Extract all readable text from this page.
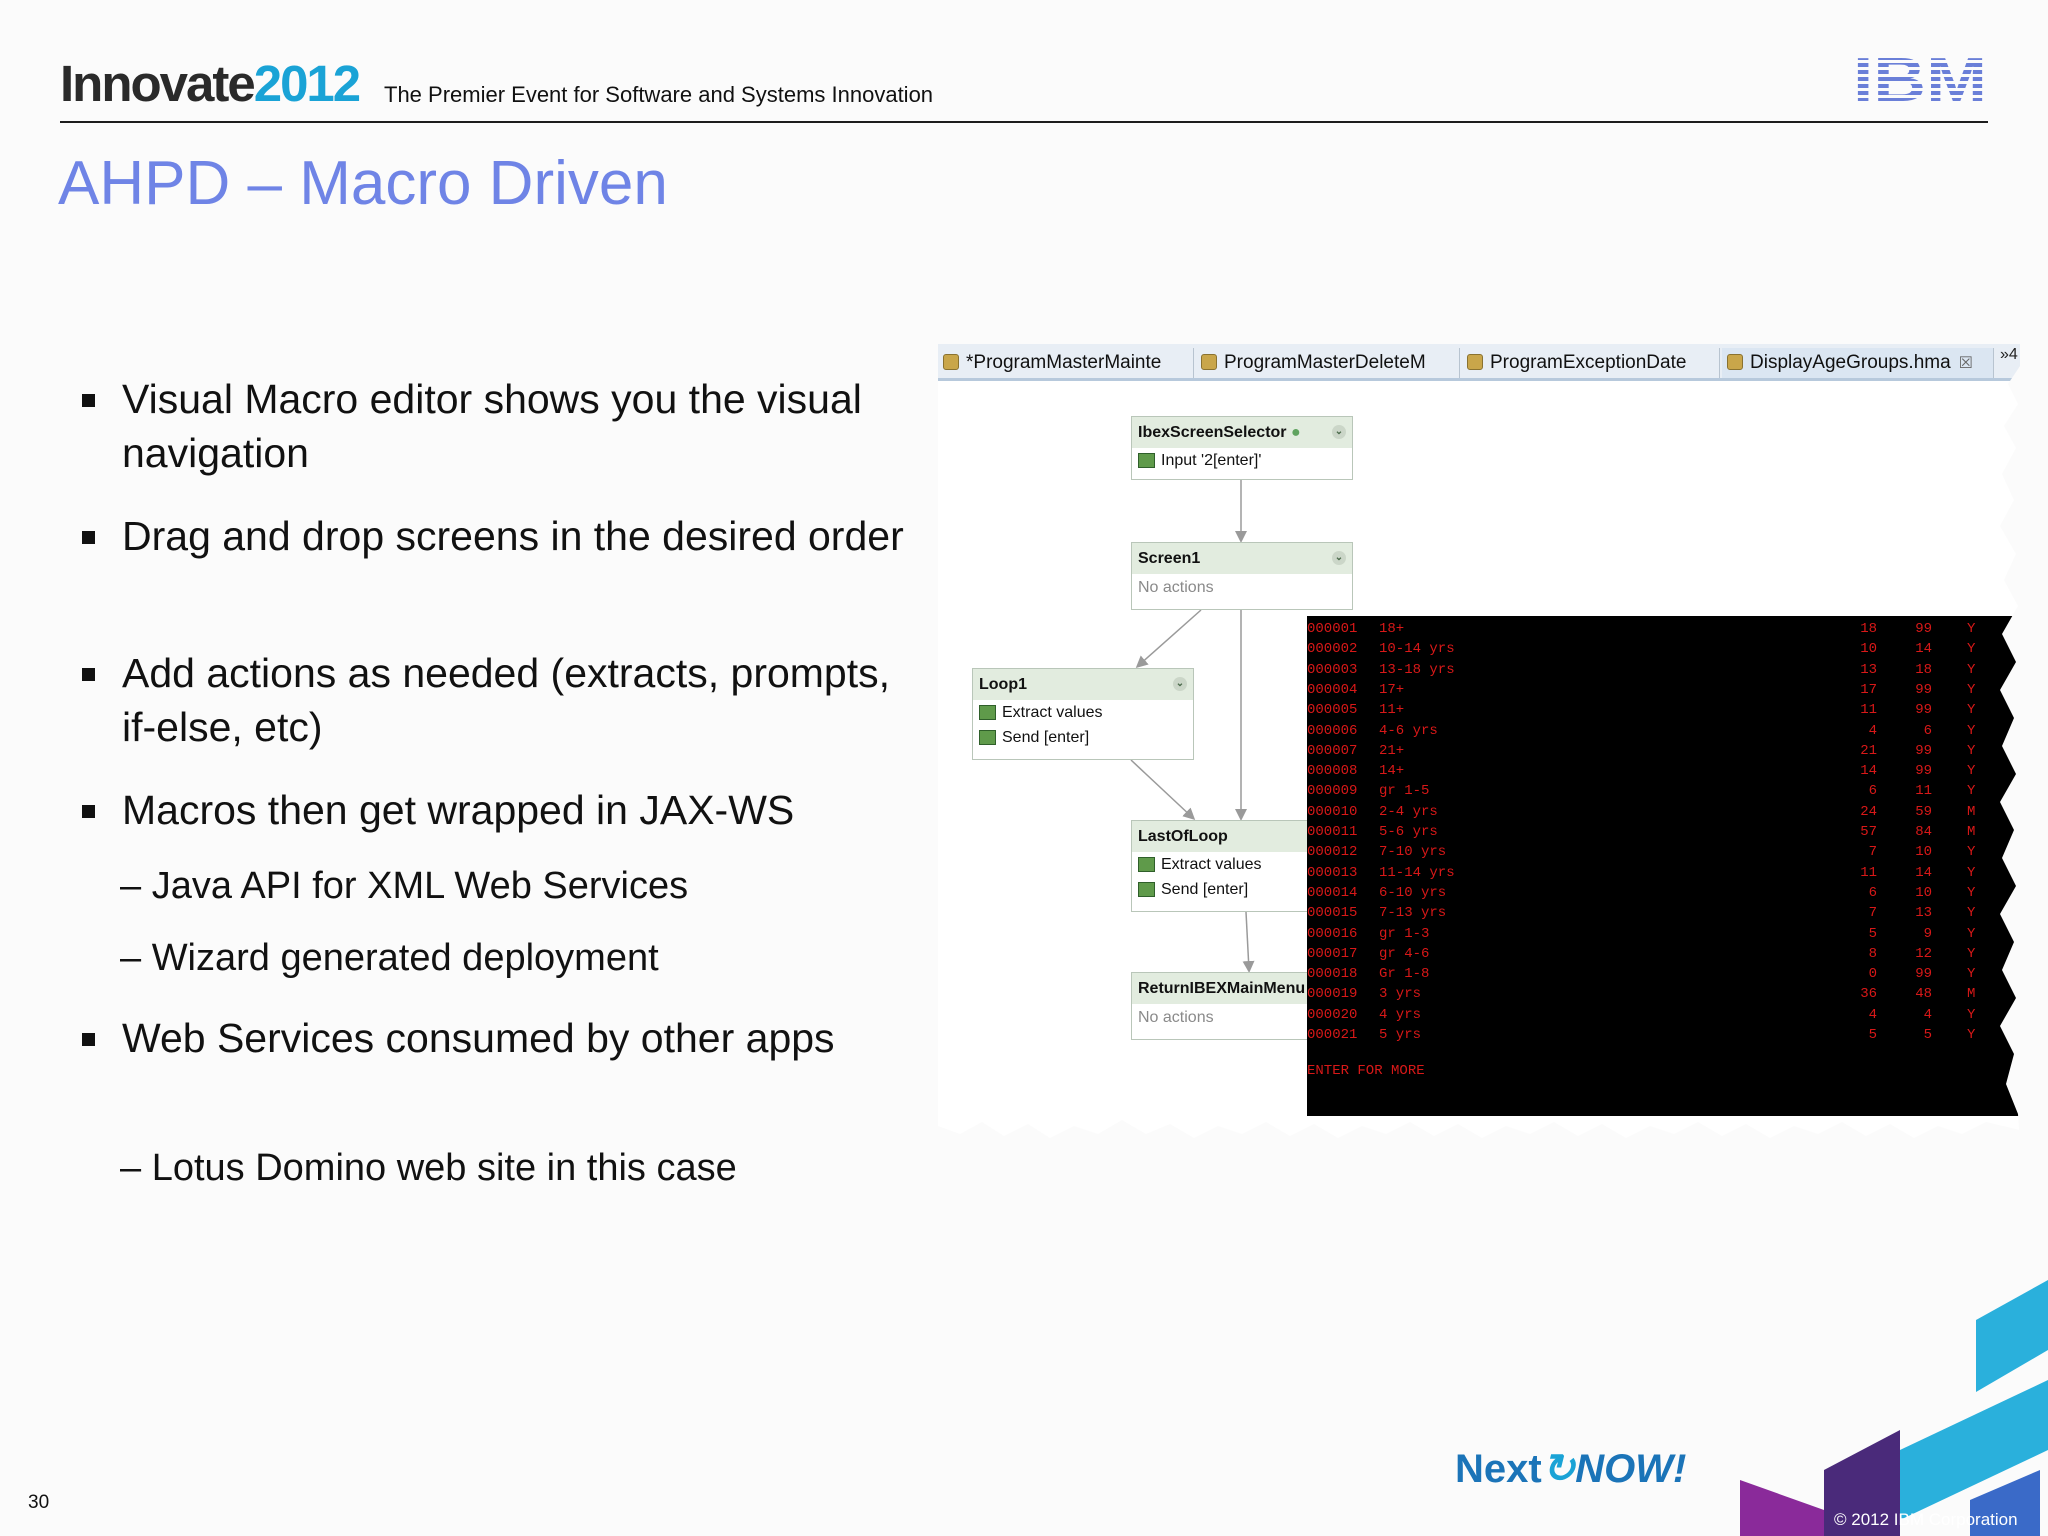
Innovate2012 The Premier Event for Software and Systems Innovation
AHPD – Macro Driven
Visual Macro editor shows you the visual navigation
Drag and drop screens in the desired order
Add actions as needed (extracts, prompts, if-else, etc)
Macros then get wrapped in JAX-WS
– Java API for XML Web Services
– Wizard generated deployment
Web Services consumed by other apps
– Lotus Domino web site in this case
*ProgramMasterMainte	ProgramMasterDeleteM	ProgramExceptionDate	DisplayAgeGroups.hma ☒
»4
IbexScreenSelector ●	⌄
Input '2[enter]'
Screen1	⌄
No actions
Loop1	⌄
Extract values
Send [enter]
LastOfLoop
Extract values
Send [enter]
ReturnIBEXMainMenu
No actions
000001 18+	18	99	Y
000002 10-14 yrs	10	14	Y
000003 13-18 yrs	13	18	Y
000004 17+	17	99	Y
000005 11+	11	99	Y
000006 4-6 yrs	4	6	Y
000007 21+	21	99	Y
000008 14+	14	99	Y
000009 gr 1-5	6	11	Y
000010 2-4 yrs	24	59	M
000011 5-6 yrs	57	84	M
000012 7-10 yrs	7	10	Y
000013 11-14 yrs	11	14	Y
000014 6-10 yrs	6	10	Y
000015 7-13 yrs	7	13	Y
000016 gr 1-3	5	9	Y
000017 gr 4-6	8	12	Y
000018 Gr 1-8	0	99	Y
000019 3 yrs	36	48	M
000020 4 yrs	4	4	Y
000021 5 yrs	5	5	Y
ENTER FOR MORE
30
Next↻NOW!
© 2012 IBM Corporation
